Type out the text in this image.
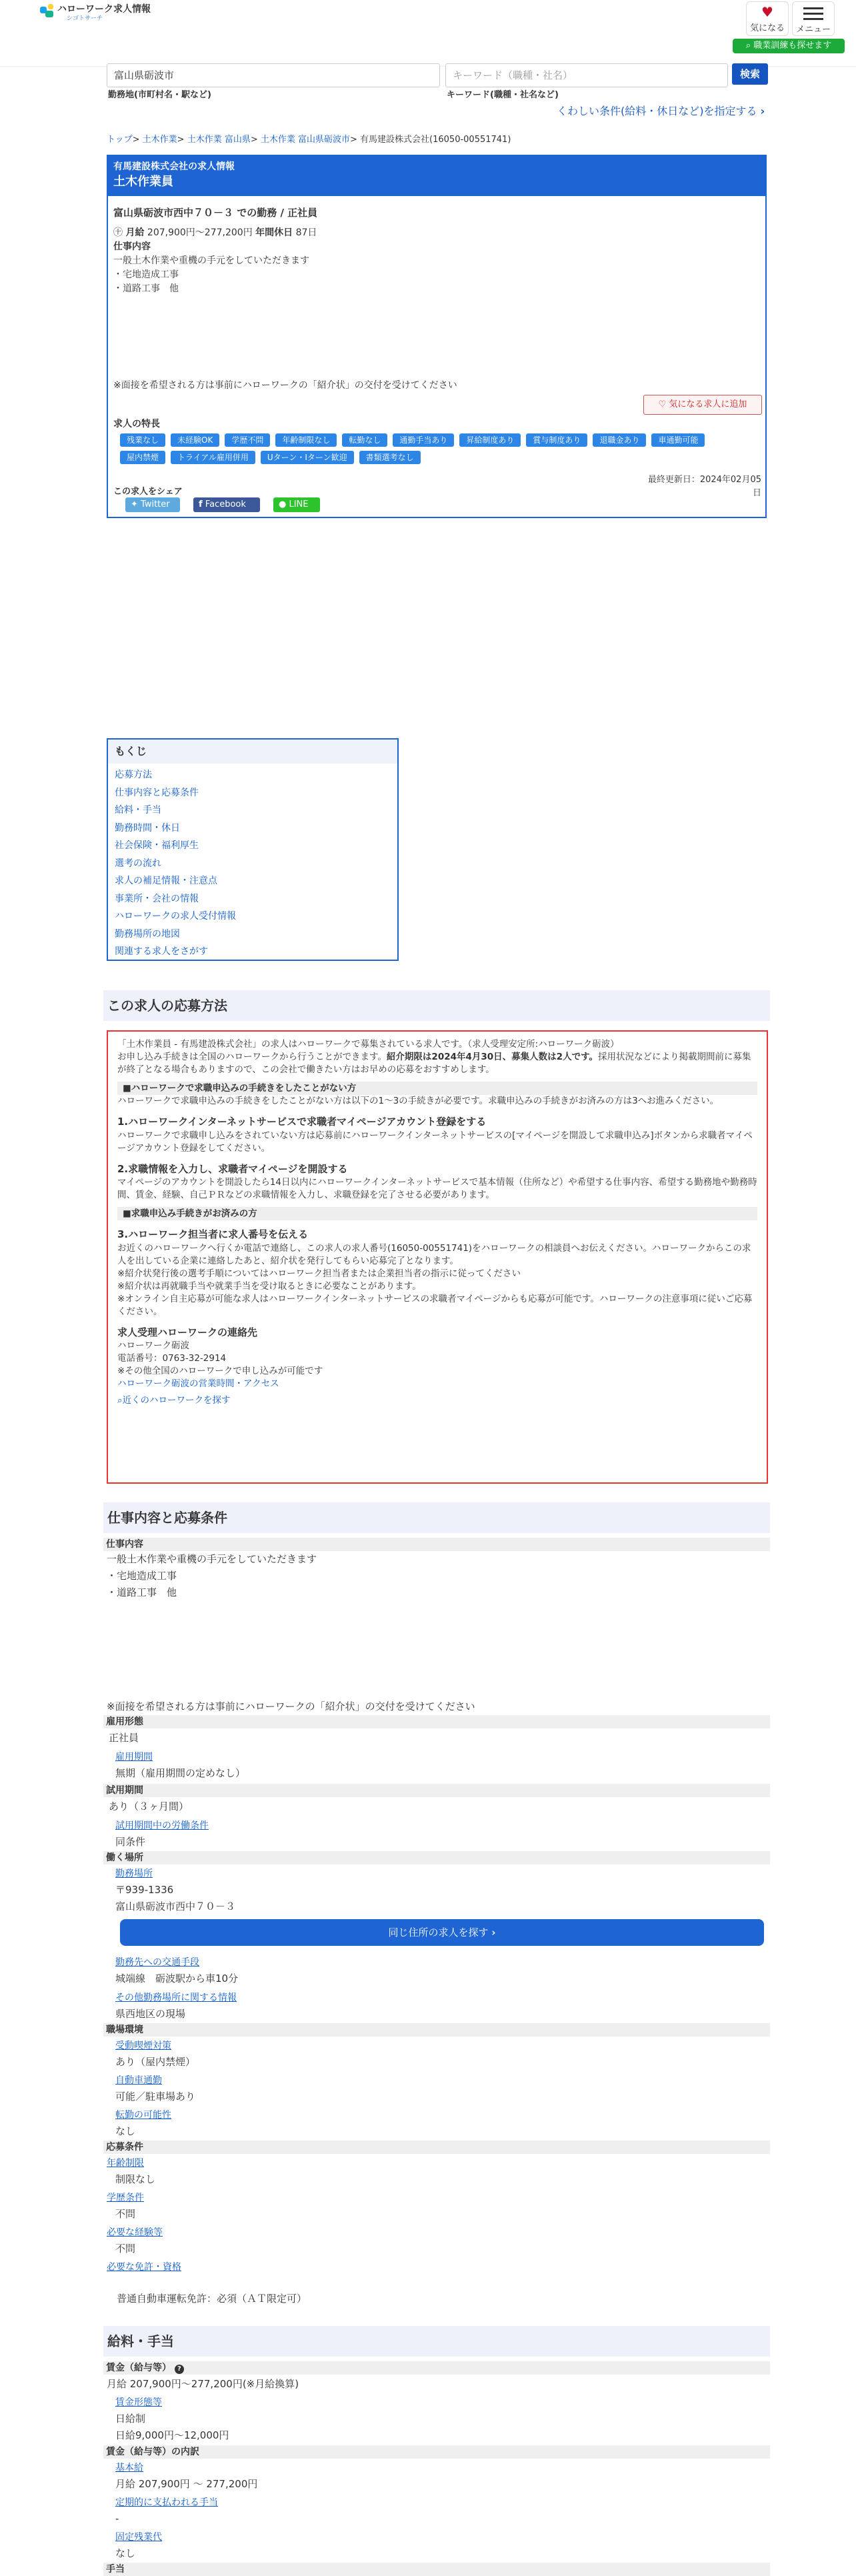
ハローワーク求人情報
シゴトサーチ	♥
気になる	メニュー
⌕ 職業訓練も探せます
富山県砺波市
勤務地(市町村名・駅など)
キーワード（職種・社名）
キーワード(職種・社名など)
検索
くわしい条件(給料・休日など)を指定する ›
トップ> 土木作業> 土木作業 富山県> 土木作業 富山県砺波市> 有馬建設株式会社(16050-00551741)
有馬建設株式会社の求人情報
土木作業員
富山県砺波市西中７０－３ での勤務 / 正社員
㊉ 月給 207,900円〜277,200円 年間休日 87日
仕事内容
一般土木作業や重機の手元をしていただきます
・宅地造成工事
・道路工事　他
※面接を希望される方は事前にハローワークの「紹介状」の交付を受けてください
♡ 気になる求人に追加
求人の特長
残業なし	未経験OK	学歴不問	年齢制限なし	転勤なし	通勤手当あり	昇給制度あり	賞与制度あり	退職金あり	車通勤可能
屋内禁煙	トライアル雇用併用	Uターン・Iターン歓迎	書類選考なし
最終更新日：2024年02月05日
この求人をシェア
✦ Twitter	f Facebook	● LINE
もくじ
応募方法
仕事内容と応募条件
給料・手当
勤務時間・休日
社会保険・福利厚生
選考の流れ
求人の補足情報・注意点
事業所・会社の情報
ハローワークの求人受付情報
勤務場所の地図
関連する求人をさがす
この求人の応募方法

「土木作業員 - 有馬建設株式会社」の求人はハローワークで募集されている求人です。（求人受理安定所:ハローワーク砺波）

お申し込み手続きは全国のハローワークから行うことができます。紹介期限は2024年4月30日、募集人数は2人です。採用状況などにより掲載期間前に募集が終了となる場合もありますので、この会社で働きたい方はお早めの応募をおすすめします。

■ハローワークで求職申込みの手続きをしたことがない方

ハローワークで求職申込みの手続きをしたことがない方は以下の1〜3の手続きが必要です。求職申込みの手続きがお済みの方は3へお進みください。

1.ハローワークインターネットサービスで求職者マイページアカウント登録をする

ハローワークで求職申し込みをされていない方は応募前にハローワークインターネットサービスの[マイページを開設して求職申込み]ボタンから求職者マイページアカウント登録をしてください。

2.求職情報を入力し、求職者マイページを開設する

マイページのアカウントを開設したら14日以内にハローワークインターネットサービスで基本情報（住所など）や希望する仕事内容、希望する勤務地や勤務時間、賃金、経験、自己ＰＲなどの求職情報を入力し、求職登録を完了させる必要があります。

■求職申込み手続きがお済みの方
3.ハローワーク担当者に求人番号を伝える

お近くのハローワークへ行くか電話で連絡し、この求人の求人番号(16050-00551741)をハローワークの相談員へお伝えください。ハローワークからこの求人を出している企業に連絡したあと、紹介状を発行してもらい応募完了となります。

※紹介状発行後の選考手順についてはハローワーク担当者または企業担当者の指示に従ってください

※紹介状は再就職手当や就業手当を受け取るときに必要なことがあります。

※オンライン自主応募が可能な求人はハローワークインターネットサービスの求職者マイページからも応募が可能です。ハローワークの注意事項に従いご応募ください。

求人受理ハローワークの連絡先

ハローワーク砺波

電話番号：0763-32-2914

※その他全国のハローワークで申し込みが可能です

ハローワーク砺波の営業時間・アクセス

⌕近くのハローワークを探す

仕事内容と応募条件
仕事内容
一般土木作業や重機の手元をしていただきます
・宅地造成工事
・道路工事　他
※面接を希望される方は事前にハローワークの「紹介状」の交付を受けてください
雇用形態
正社員
雇用期間
無期（雇用期間の定めなし）
試用期間
あり（３ヶ月間）
試用期間中の労働条件
同条件
働く場所
勤務場所
〒939-1336
富山県砺波市西中７０－３
同じ住所の求人を探す ›
勤務先への交通手段
城端線　砺波駅から車10分
その他勤務場所に関する情報
県西地区の現場
職場環境
受動喫煙対策
あり（屋内禁煙）
自動車通勤
可能／駐車場あり
転勤の可能性
なし
応募条件
年齢制限
制限なし
学歴条件
不問
必要な経験等
不問
必要な免許・資格
普通自動車運転免許：必須（ＡＴ限定可）
給料・手当
賃金（給与等） ?
月給 207,900円〜277,200円(※月給換算)
賃金形態等
日給制
日給9,000円〜12,000円
賃金（給与等）の内訳
基本給
月給 207,900円 〜 277,200円
定期的に支払われる手当
-
固定残業代
なし
手当
